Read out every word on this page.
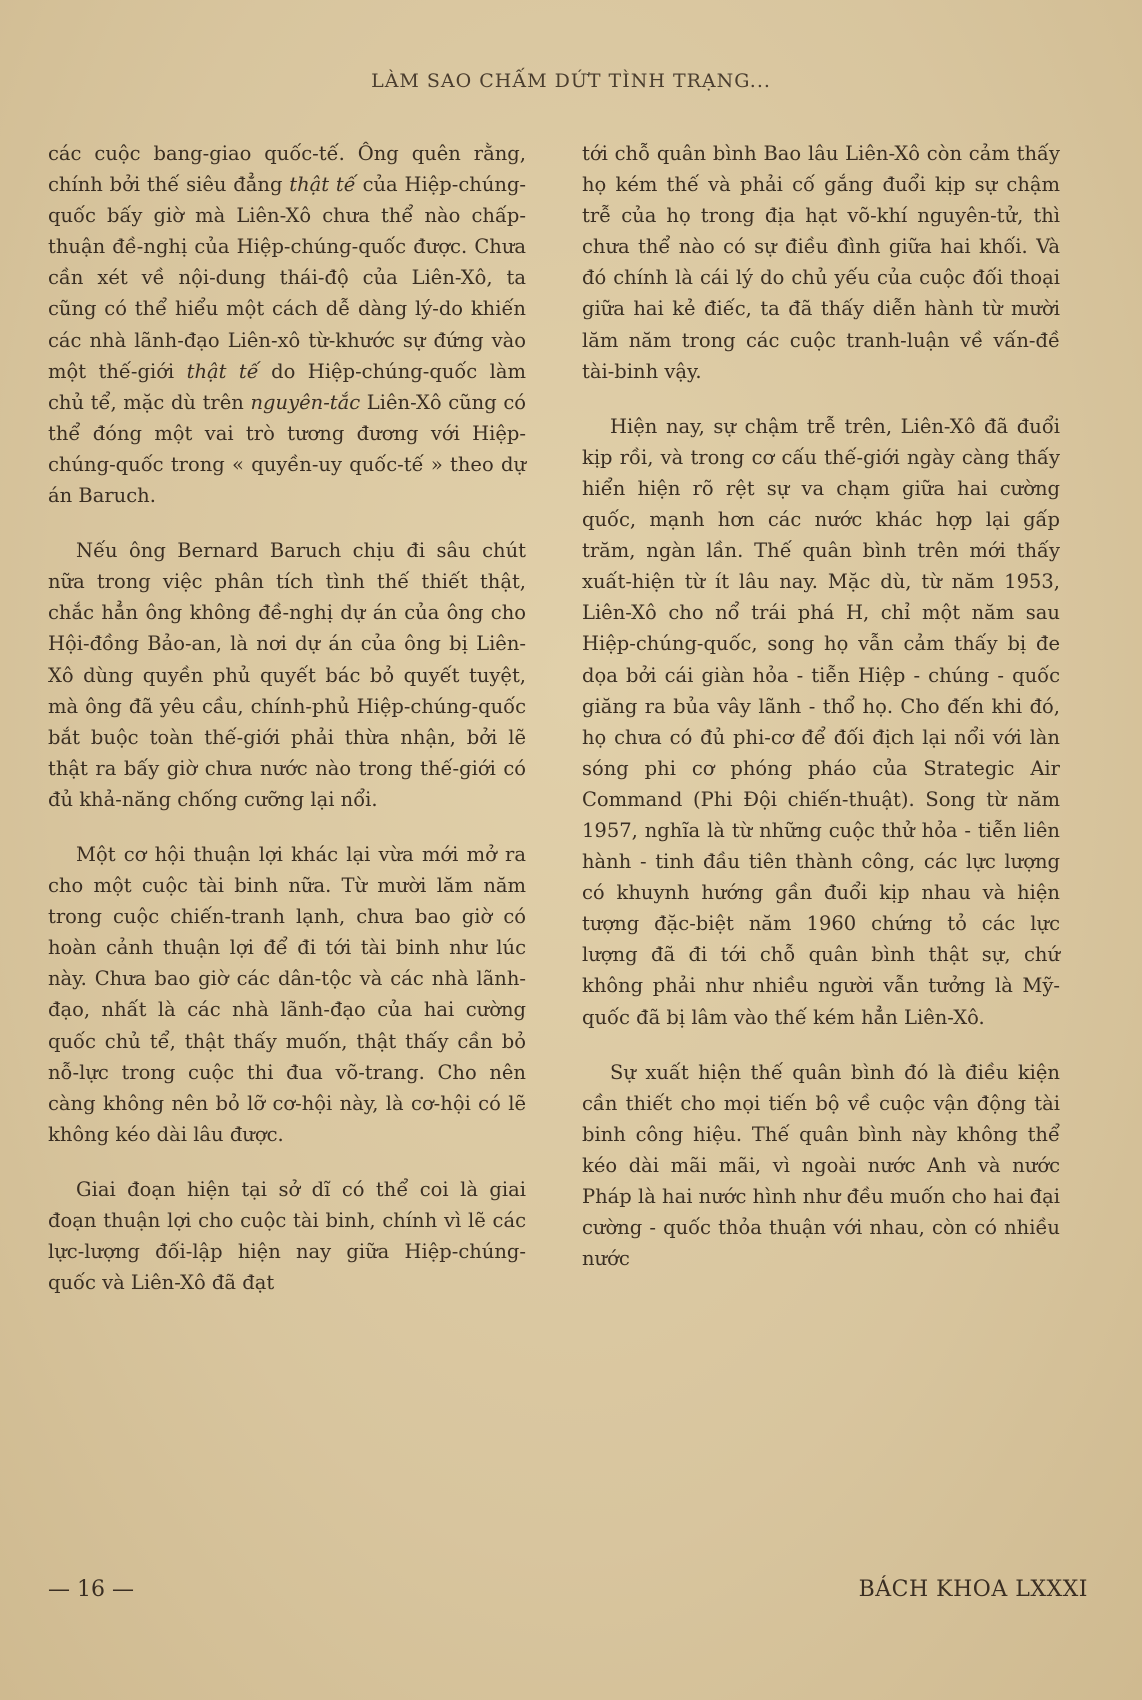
LÀM SAO CHẤM DỨT TÌNH TRẠNG...

các cuộc bang-giao quốc-tế. Ông quên rằng, chính bởi thế siêu đẳng thật tế của Hiệp-chúng-quốc bấy giờ mà Liên-Xô chưa thể nào chấp-thuận đề-nghị của Hiệp-chúng-quốc được. Chưa cần xét về nội-dung thái-độ của Liên-Xô, ta cũng có thể hiểu một cách dễ dàng lý-do khiến các nhà lãnh-đạo Liên-xô từ-khước sự đứng vào một thế-giới thật tế do Hiệp-chúng-quốc làm chủ tể, mặc dù trên nguyên-tắc Liên-Xô cũng có thể đóng một vai trò tương đương với Hiệp-chúng-quốc trong « quyền-uy quốc-tế » theo dự án Baruch.

Nếu ông Bernard Baruch chịu đi sâu chút nữa trong việc phân tích tình thế thiết thật, chắc hẳn ông không đề-nghị dự án của ông cho Hội-đồng Bảo-an, là nơi dự án của ông bị Liên-Xô dùng quyền phủ quyết bác bỏ quyết tuyệt, mà ông đã yêu cầu, chính-phủ Hiệp-chúng-quốc bắt buộc toàn thế-giới phải thừa nhận, bởi lẽ thật ra bấy giờ chưa nước nào trong thế-giới có đủ khả-năng chống cưỡng lại nổi.

Một cơ hội thuận lợi khác lại vừa mới mở ra cho một cuộc tài binh nữa. Từ mười lăm năm trong cuộc chiến-tranh lạnh, chưa bao giờ có hoàn cảnh thuận lợi để đi tới tài binh như lúc này. Chưa bao giờ các dân-tộc và các nhà lãnh-đạo, nhất là các nhà lãnh-đạo của hai cường quốc chủ tể, thật thấy muốn, thật thấy cần bỏ nỗ-lực trong cuộc thi đua võ-trang. Cho nên càng không nên bỏ lỡ cơ-hội này, là cơ-hội có lẽ không kéo dài lâu được.

Giai đoạn hiện tại sở dĩ có thể coi là giai đoạn thuận lợi cho cuộc tài binh, chính vì lẽ các lực-lượng đối-lập hiện nay giữa Hiệp-chúng-quốc và Liên-Xô đã đạt

tới chỗ quân bình Bao lâu Liên-Xô còn cảm thấy họ kém thế và phải cố gắng đuổi kịp sự chậm trễ của họ trong địa hạt võ-khí nguyên-tử, thì chưa thể nào có sự điều đình giữa hai khối. Và đó chính là cái lý do chủ yếu của cuộc đối thoại giữa hai kẻ điếc, ta đã thấy diễn hành từ mười lăm năm trong các cuộc tranh-luận về vấn-đề tài-binh vậy.

Hiện nay, sự chậm trễ trên, Liên-Xô đã đuổi kịp rồi, và trong cơ cấu thế-giới ngày càng thấy hiển hiện rõ rệt sự va chạm giữa hai cường quốc, mạnh hơn các nước khác hợp lại gấp trăm, ngàn lần. Thế quân bình trên mới thấy xuất-hiện từ ít lâu nay. Mặc dù, từ năm 1953, Liên-Xô cho nổ trái phá H, chỉ một năm sau Hiệp-chúng-quốc, song họ vẫn cảm thấy bị đe dọa bởi cái giàn hỏa - tiễn Hiệp - chúng - quốc giăng ra bủa vây lãnh - thổ họ. Cho đến khi đó, họ chưa có đủ phi-cơ để đối địch lại nổi với làn sóng phi cơ phóng pháo của Strategic Air Command (Phi Đội chiến-thuật). Song từ năm 1957, nghĩa là từ những cuộc thử hỏa - tiễn liên hành - tinh đầu tiên thành công, các lực lượng có khuynh hướng gần đuổi kịp nhau và hiện tượng đặc-biệt năm 1960 chứng tỏ các lực lượng đã đi tới chỗ quân bình thật sự, chứ không phải như nhiều người vẫn tưởng là Mỹ-quốc đã bị lâm vào thế kém hẳn Liên-Xô.

Sự xuất hiện thế quân bình đó là điều kiện cần thiết cho mọi tiến bộ về cuộc vận động tài binh công hiệu. Thế quân bình này không thể kéo dài mãi mãi, vì ngoài nước Anh và nước Pháp là hai nước hình như đều muốn cho hai đại cường - quốc thỏa thuận với nhau, còn có nhiều nước

— 16 —	BÁCH KHOA LXXXI
